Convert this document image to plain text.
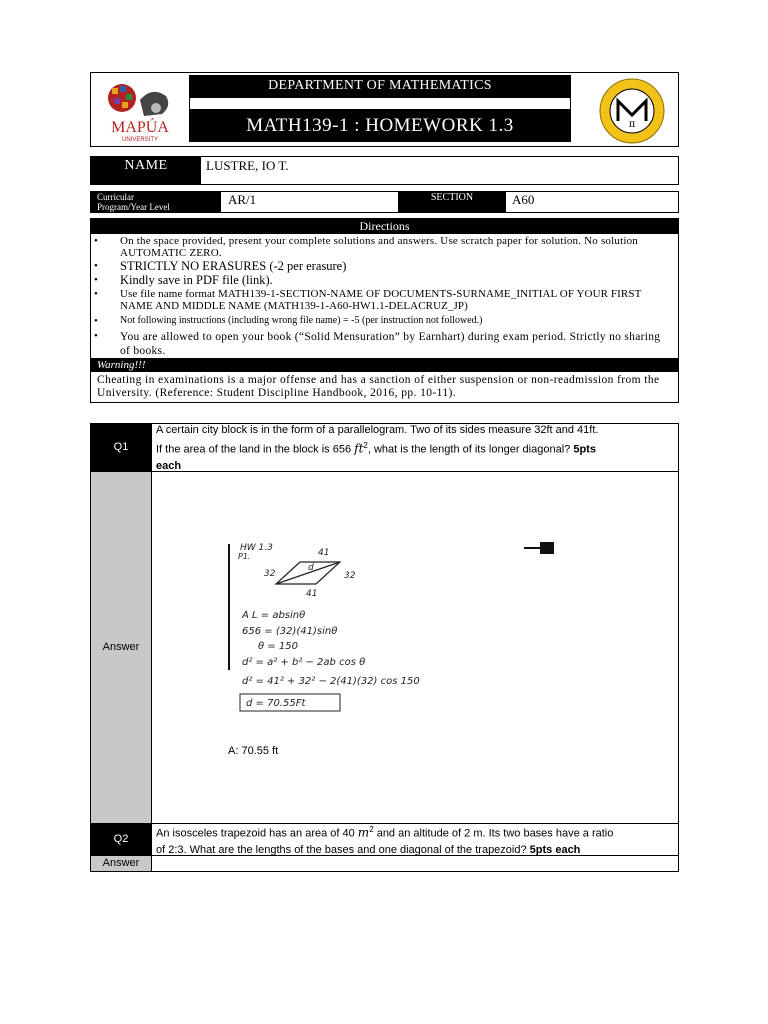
MAPÚA
UNIVERSITY
DEPARTMENT OF MATHEMATICS
MATH139-1 : HOMEWORK 1.3	π
NAME	LUSTRE, IO T.
Curricular
Program/Year Level	AR/1	SECTION	A60
Directions
• On the space provided, present your complete solutions and answers. Use scratch paper for solution. No solution AUTOMATIC ZERO.
• STRICTLY NO ERASURES (-2 per erasure)
• Kindly save in PDF file (link).
• Use file name format MATH139-1-SECTION-NAME OF DOCUMENTS-SURNAME_INITIAL OF YOUR FIRST NAME AND MIDDLE NAME (MATH139-1-A60-HW1.1-DELACRUZ_JP)
• Not following instructions (including wrong file name) = -5 (per instruction not followed.)
• You are allowed to open your book (“Solid Mensuration” by Earnhart) during exam period. Strictly no sharing of books.
Warning!!!
Cheating in examinations is a major offense and has a sanction of either suspension or non-readmission from the University. (Reference: Student Discipline Handbook, 2016, pp. 10-11).
Q1
A certain city block is in the form of a parallelogram. Two of its sides measure 32ft and 41ft.
If the area of the land in the block is 656 $ft^2$, what is the length of its longer diagonal? 5pts
each
Answer
HW 1.3
P1.	41
32	32
41
d
A L = absinθ
656 = (32)(41)sinθ
θ = 150
d² = a² + b² − 2ab cos θ
d² = 41² + 32² − 2(41)(32) cos 150
d = 70.55Ft
A: 70.55 ft
Q2	An isosceles trapezoid has an area of 40 $m^2$ and an altitude of 2 m. Its two bases have a ratio
of 2:3. What are the lengths of the bases and one diagonal of the trapezoid? 5pts each
Answer
